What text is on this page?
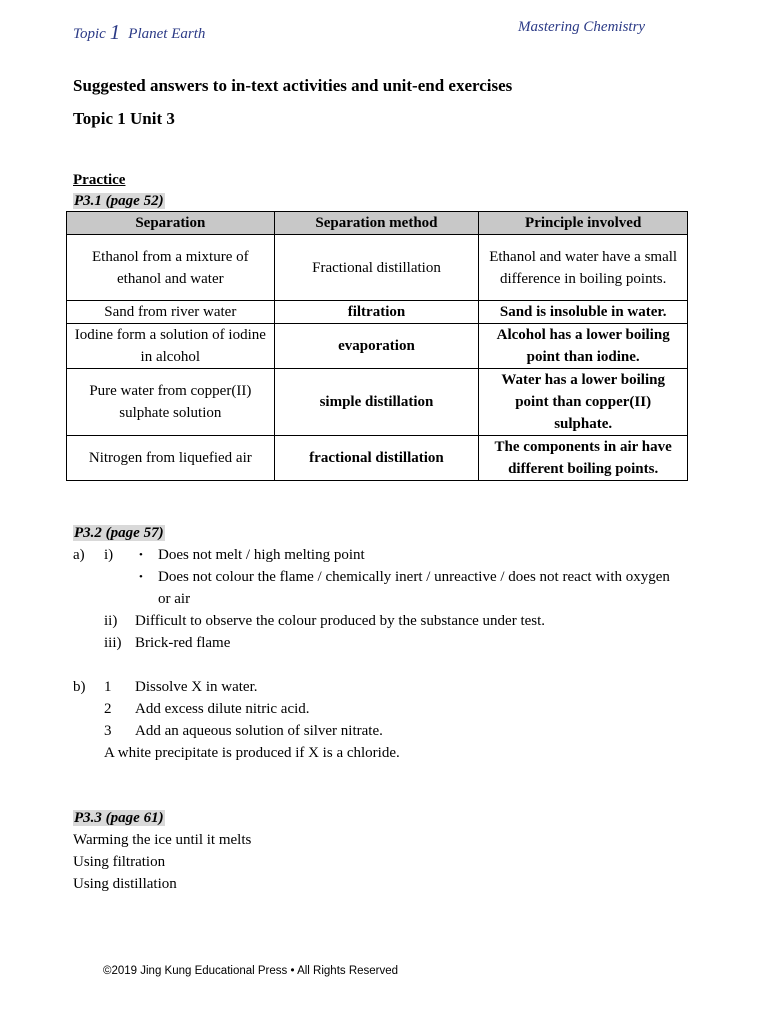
Topic 1 Planet Earth	Mastering Chemistry
Suggested answers to in-text activities and unit-end exercises
Topic 1 Unit 3
Practice
P3.1 (page 52)
Separation	Separation method	Principle involved
Ethanol from a mixture of ethanol and water	Fractional distillation	Ethanol and water have a small difference in boiling points.
Sand from river water	filtration	Sand is insoluble in water.
Iodine form a solution of iodine in alcohol	evaporation	Alcohol has a lower boiling point than iodine.
Pure water from copper(II) sulphate solution	simple distillation	Water has a lower boiling point than copper(II) sulphate.
Nitrogen from liquefied air	fractional distillation	The components in air have different boiling points.
P3.2 (page 57)
a) i) • Does not melt / high melting point
• Does not colour the flame / chemically inert / unreactive / does not react with oxygen
or air
ii) Difficult to observe the colour produced by the substance under test.
iii) Brick-red flame
b) 1 Dissolve X in water.
2 Add excess dilute nitric acid.
3 Add an aqueous solution of silver nitrate.
A white precipitate is produced if X is a chloride.
P3.3 (page 61)
Warming the ice until it melts
Using filtration
Using distillation
©2019 Jing Kung Educational Press • All Rights Reserved
